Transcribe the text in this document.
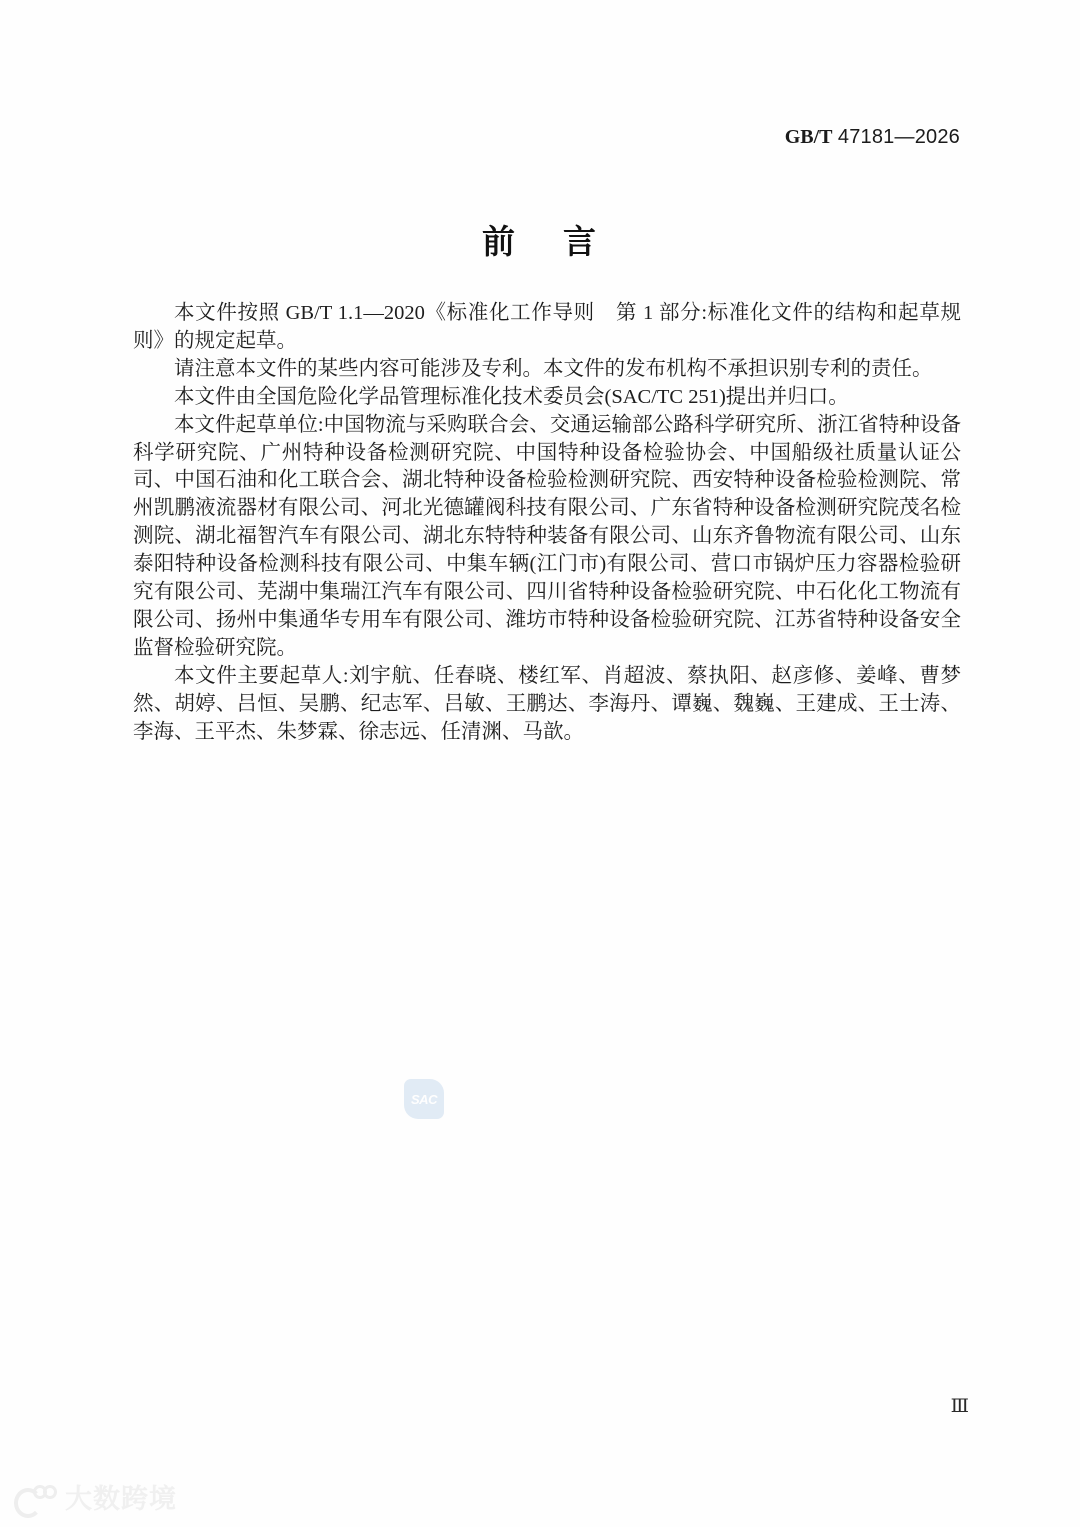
GB/T 47181—2026
前 言

本文件按照 GB/T 1.1—2020《标准化工作导则　第 1 部分:标准化文件的结构和起草规则》的规定起草。

请注意本文件的某些内容可能涉及专利。本文件的发布机构不承担识别专利的责任。

本文件由全国危险化学品管理标准化技术委员会(SAC/TC 251)提出并归口。

本文件起草单位:中国物流与采购联合会、交通运输部公路科学研究所、浙江省特种设备科学研究院、广州特种设备检测研究院、中国特种设备检验协会、中国船级社质量认证公司、中国石油和化工联合会、湖北特种设备检验检测研究院、西安特种设备检验检测院、常州凯鹏液流器材有限公司、河北光德罐阀科技有限公司、广东省特种设备检测研究院茂名检测院、湖北福智汽车有限公司、湖北东特特种装备有限公司、山东齐鲁物流有限公司、山东泰阳特种设备检测科技有限公司、中集车辆(江门市)有限公司、营口市锅炉压力容器检验研究有限公司、芜湖中集瑞江汽车有限公司、四川省特种设备检验研究院、中石化化工物流有限公司、扬州中集通华专用车有限公司、潍坊市特种设备检验研究院、江苏省特种设备安全监督检验研究院。

本文件主要起草人:刘宇航、任春晓、楼红军、肖超波、蔡执阳、赵彦修、姜峰、曹梦然、胡婷、吕恒、吴鹏、纪志军、吕敏、王鹏达、李海丹、谭巍、魏巍、王建成、王士涛、李海、王平杰、朱梦霖、徐志远、任清渊、马歆。

SAC
Ⅲ
大数跨境
